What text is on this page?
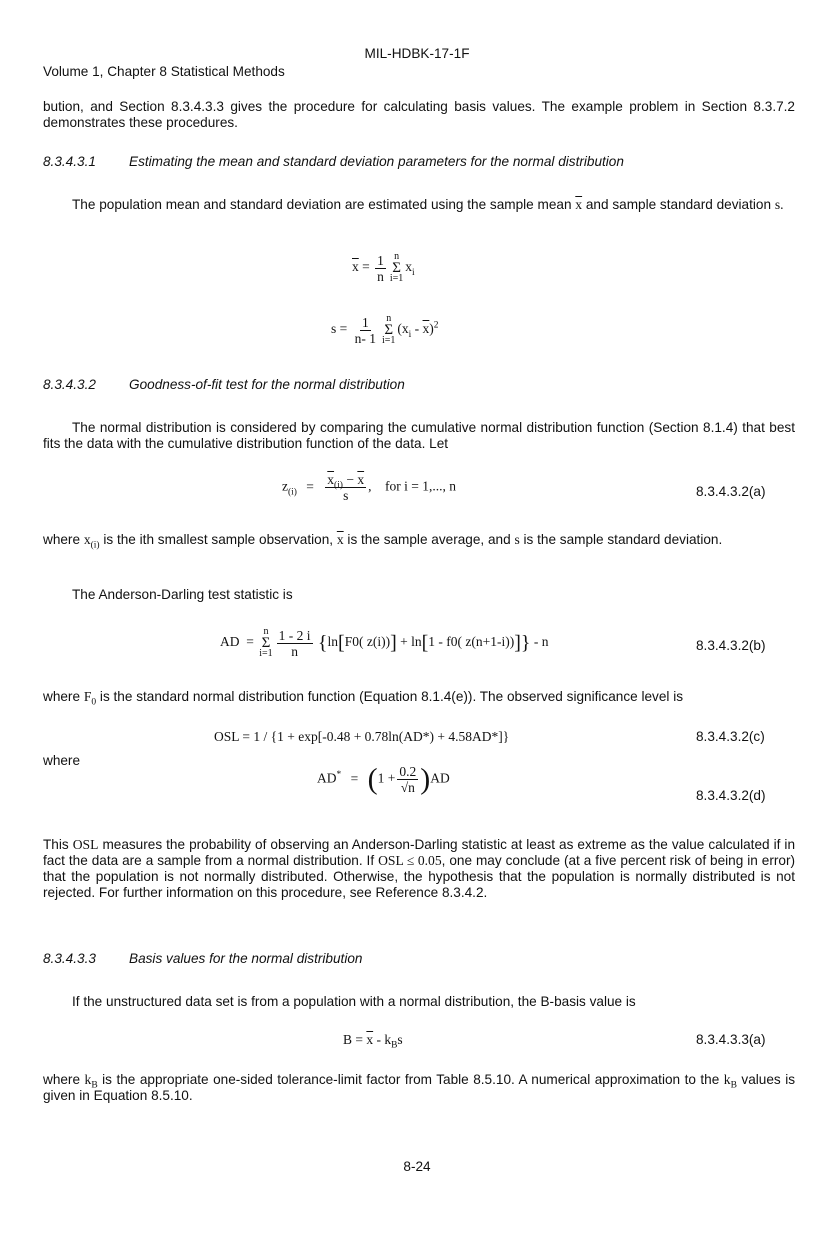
MIL-HDBK-17-1F
Volume 1, Chapter 8 Statistical Methods
bution, and Section 8.3.4.3.3 gives the procedure for calculating basis values. The example problem in Section 8.3.7.2 demonstrates these procedures.
8.3.4.3.1 Estimating the mean and standard deviation parameters for the normal distribution
The population mean and standard deviation are estimated using the sample mean $\overline{x}$ and sample standard deviation s.
$\overline{x} = \frac{1}{n}$ n
Σ
i=1
$x_i$
$s = \frac{1}{n- 1}$ n
Σ
i=1
$(x_i - \overline{x})^2$
8.3.4.3.2 Goodness-of-fit test for the normal distribution
The normal distribution is considered by comparing the cumulative normal distribution function (Section 8.1.4) that best fits the data with the cumulative distribution function of the data. Let
$z_{(i)} = \frac{\overline{x}_{(i)} - \overline{x}}{s}$ ,    for i = 1,..., n	8.3.4.3.2(a)
where $x_{(i)}$ is the ith smallest sample observation, $\overline{x}$ is the sample average, and s is the sample standard deviation.
The Anderson-Darling test statistic is
AD  =
n
Σ
$i=1 \frac{1 - 2 i}{n} \{\ln[F0$( z(i))] + ln[1 - f0( z(n+1-i))]} - n	8.3.4.3.2(b)
where $F_0$ is the standard normal distribution function (Equation 8.1.4(e)). The observed significance level is
OSL = 1 / {1 + exp[-0.48 + 0.78ln(AD*) + 4.58AD*]}	8.3.4.3.2(c)
where
$AD^* = (1 + \frac{0.2}{√n} )AD$
8.3.4.3.2(d)
This OSL measures the probability of observing an Anderson-Darling statistic at least as extreme as the value calculated if in fact the data are a sample from a normal distribution. If OSL ≤ 0.05, one may conclude (at a five percent risk of being in error) that the population is not normally distributed. Otherwise, the hypothesis that the population is normally distributed is not rejected. For further information on this procedure, see Reference 8.3.4.2.
8.3.4.3.3 Basis values for the normal distribution
If the unstructured data set is from a population with a normal distribution, the B-basis value is
$B = \overline{x} - k_Bs$	8.3.4.3.3(a)
where $k_B$ is the appropriate one-sided tolerance-limit factor from Table 8.5.10. A numerical approximation to the $k_B$ values is given in Equation 8.5.10.
8-24
